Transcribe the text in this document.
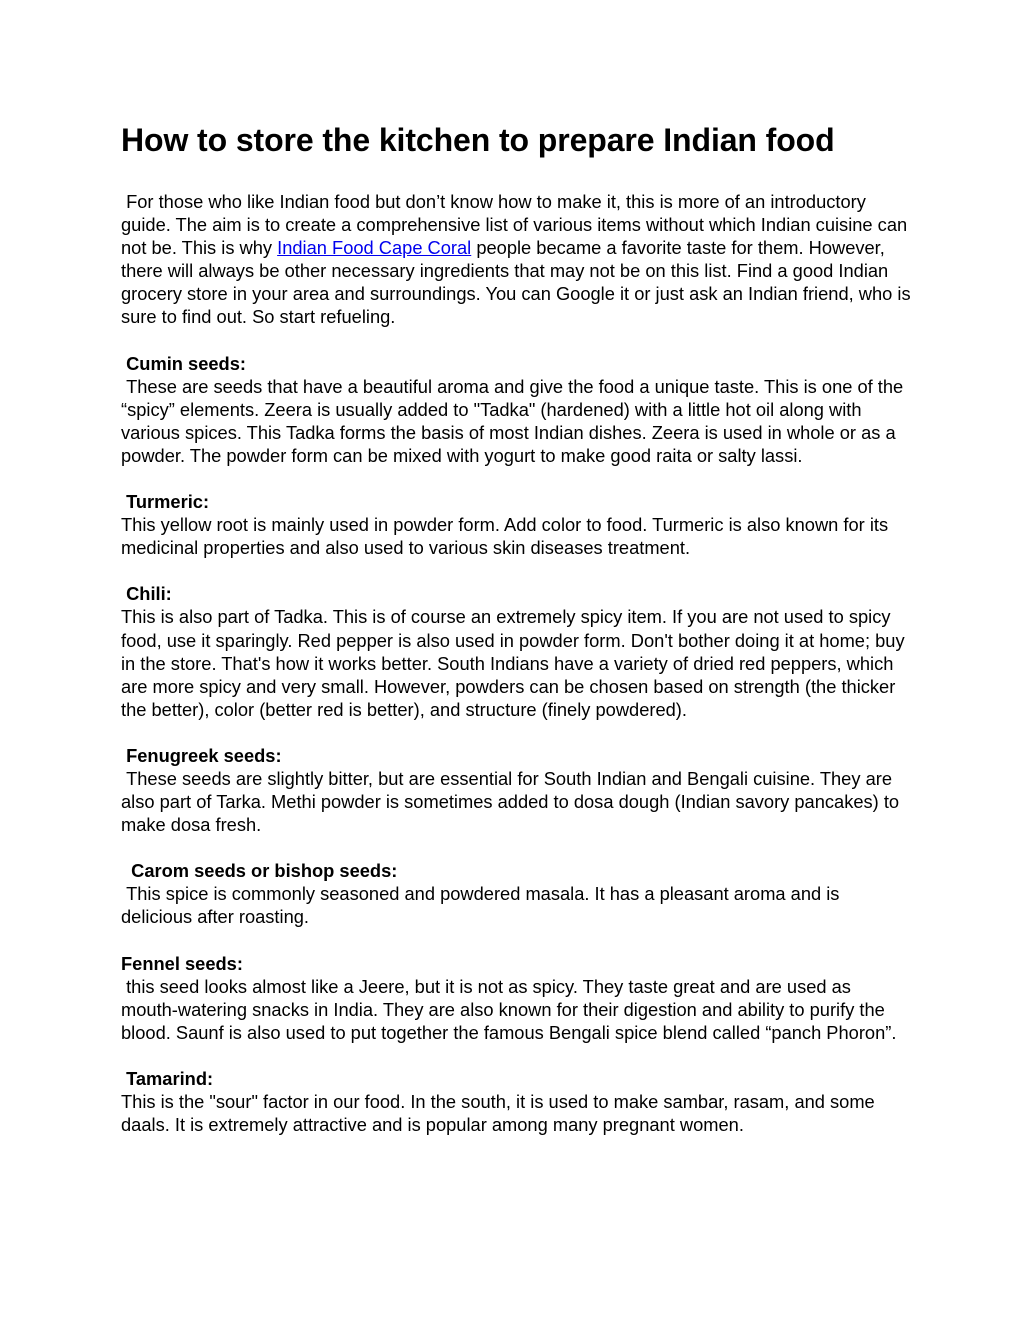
How to store the kitchen to prepare Indian food

For those who like Indian food but don’t know how to make it, this is more of an introductory guide. The aim is to create a comprehensive list of various items without which Indian cuisine can not be. This is why Indian Food Cape Coral people became a favorite taste for them. However, there will always be other necessary ingredients that may not be on this list. Find a good Indian grocery store in your area and surroundings. You can Google it or just ask an Indian friend, who is sure to find out. So start refueling.

Cumin seeds:

These are seeds that have a beautiful aroma and give the food a unique taste. This is one of the “spicy” elements. Zeera is usually added to "Tadka" (hardened) with a little hot oil along with various spices. This Tadka forms the basis of most Indian dishes. Zeera is used in whole or as a powder. The powder form can be mixed with yogurt to make good raita or salty lassi.

Turmeric:

This yellow root is mainly used in powder form. Add color to food. Turmeric is also known for its medicinal properties and also used to various skin diseases treatment.

Chili:

This is also part of Tadka. This is of course an extremely spicy item. If you are not used to spicy food, use it sparingly. Red pepper is also used in powder form. Don't bother doing it at home; buy in the store. That's how it works better. South Indians have a variety of dried red peppers, which are more spicy and very small. However, powders can be chosen based on strength (the thicker the better), color (better red is better), and structure (finely powdered).

Fenugreek seeds:

These seeds are slightly bitter, but are essential for South Indian and Bengali cuisine. They are also part of Tarka. Methi powder is sometimes added to dosa dough (Indian savory pancakes) to make dosa fresh.

Carom seeds or bishop seeds:

This spice is commonly seasoned and powdered masala. It has a pleasant aroma and is delicious after roasting.

Fennel seeds:

this seed looks almost like a Jeere, but it is not as spicy. They taste great and are used as mouth-watering snacks in India. They are also known for their digestion and ability to purify the blood. Saunf is also used to put together the famous Bengali spice blend called “panch Phoron”.

Tamarind:

This is the "sour" factor in our food. In the south, it is used to make sambar, rasam, and some daals. It is extremely attractive and is popular among many pregnant women.
